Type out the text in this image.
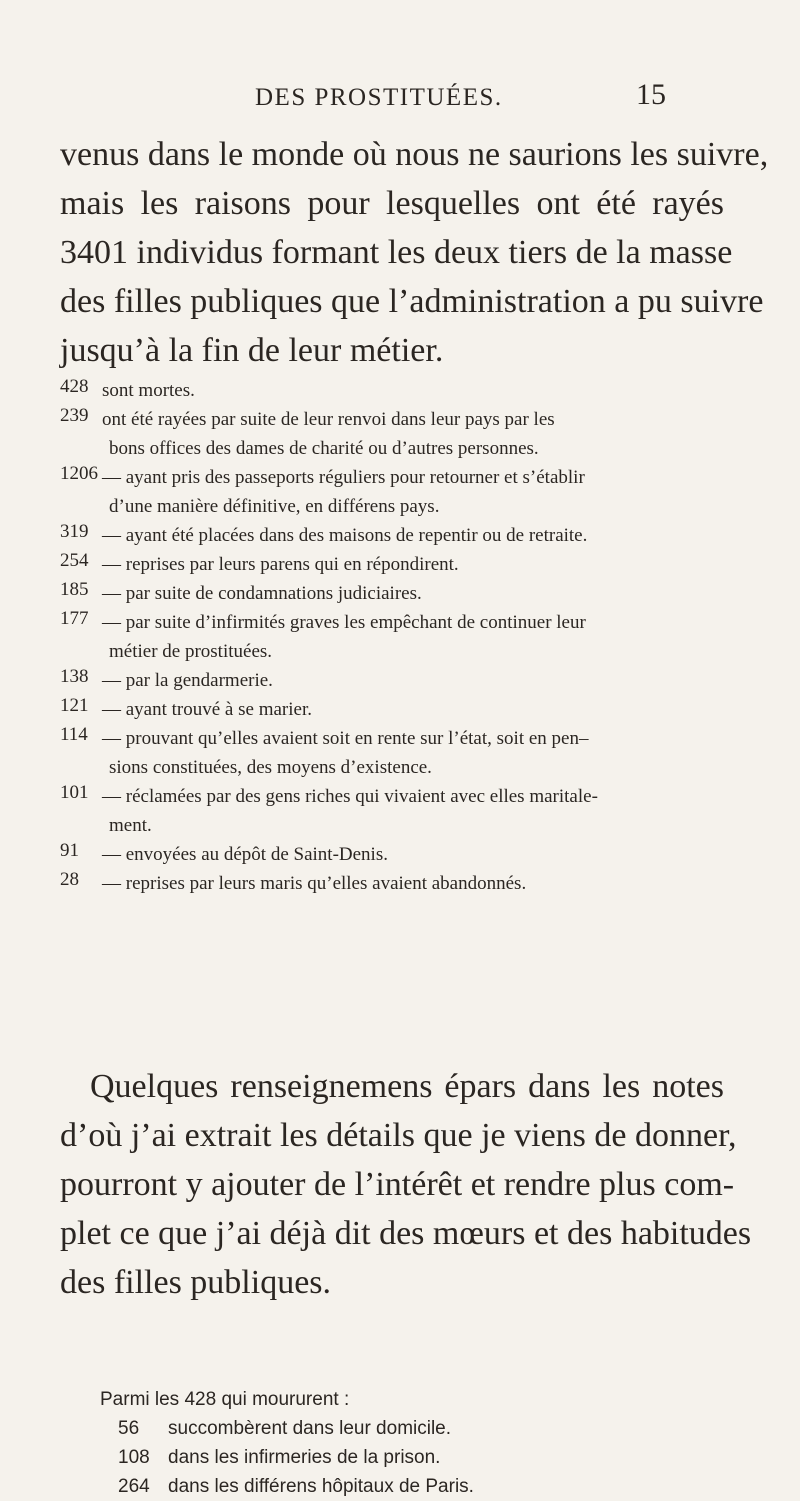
DES PROSTITUÉES.	15
venus dans le monde où nous ne saurions les suivre,
mais les raisons pour lesquelles ont été rayés
3401 individus formant les deux tiers de la masse
des filles publiques que l’administration a pu suivre
jusqu’à la fin de leur métier.
428 sont mortes.
239 ont été rayées par suite de leur renvoi dans leur pays par les
bons offices des dames de charité ou d’autres personnes.
1206 — ayant pris des passeports réguliers pour retourner et s’établir
d’une manière définitive, en différens pays.
319 — ayant été placées dans des maisons de repentir ou de retraite.
254 — reprises par leurs parens qui en répondirent.
185 — par suite de condamnations judiciaires.
177 — par suite d’infirmités graves les empêchant de continuer leur
métier de prostituées.
138 — par la gendarmerie.
121 — ayant trouvé à se marier.
114 — prouvant qu’elles avaient soit en rente sur l’état, soit en pen–
sions constituées, des moyens d’existence.
101 — réclamées par des gens riches qui vivaient avec elles maritale-
ment.
91	— envoyées au dépôt de Saint-Denis.
28	— reprises par leurs maris qu’elles avaient abandonnés.
Quelques renseignemens épars dans les notes
d’où j’ai extrait les détails que je viens de donner,
pourront y ajouter de l’intérêt et rendre plus com-
plet ce que j’ai déjà dit des mœurs et des habitudes
des filles publiques.
Parmi les 428 qui moururent :
56 succombèrent dans leur domicile.
108 dans les infirmeries de la prison.
264 dans les différens hôpitaux de Paris.
